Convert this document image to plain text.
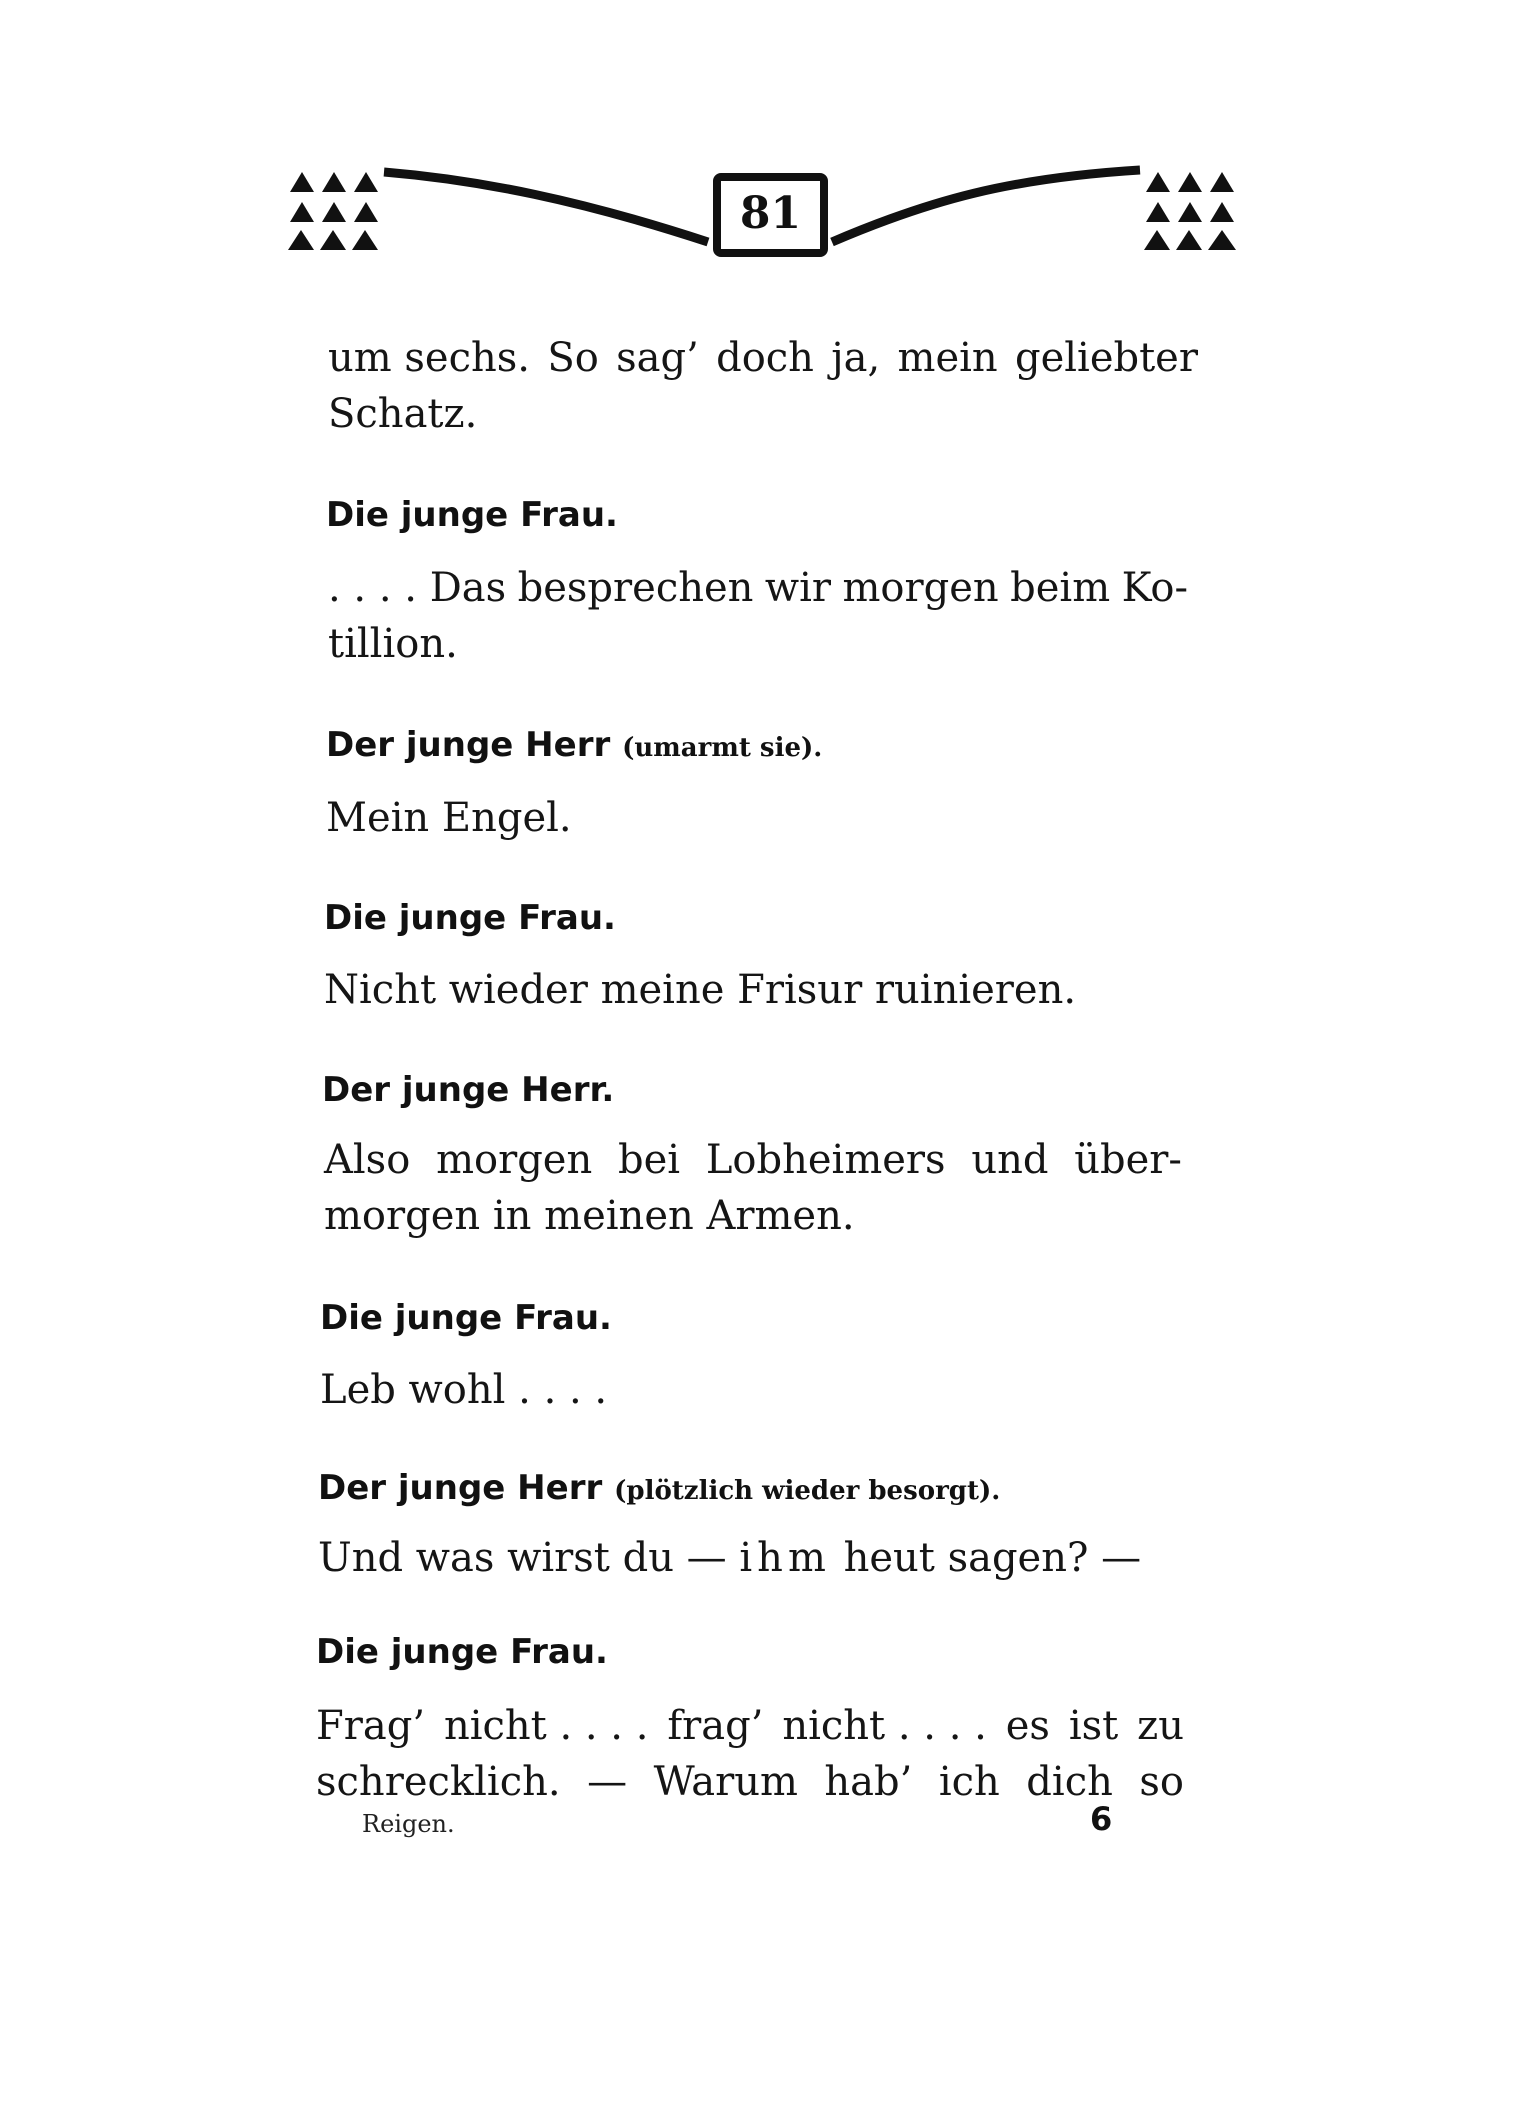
81
um sechs. So sag’ doch ja, mein geliebter
Schatz.
Die junge Frau.
. . . . Das besprechen wir morgen beim Ko-
tillion.
Der junge Herr (umarmt sie).
Mein Engel.
Die junge Frau.
Nicht wieder meine Frisur ruinieren.
Der junge Herr.
Also morgen bei Lobheimers und über-
morgen in meinen Armen.
Die junge Frau.
Leb wohl . . . .
Der junge Herr (plötzlich wieder besorgt).
Und was wirst du — ihm heut sagen? —
Die junge Frau.
Frag’ nicht . . . . frag’ nicht . . . . es ist zu
schrecklich. — Warum hab’ ich dich so
Reigen.	6
